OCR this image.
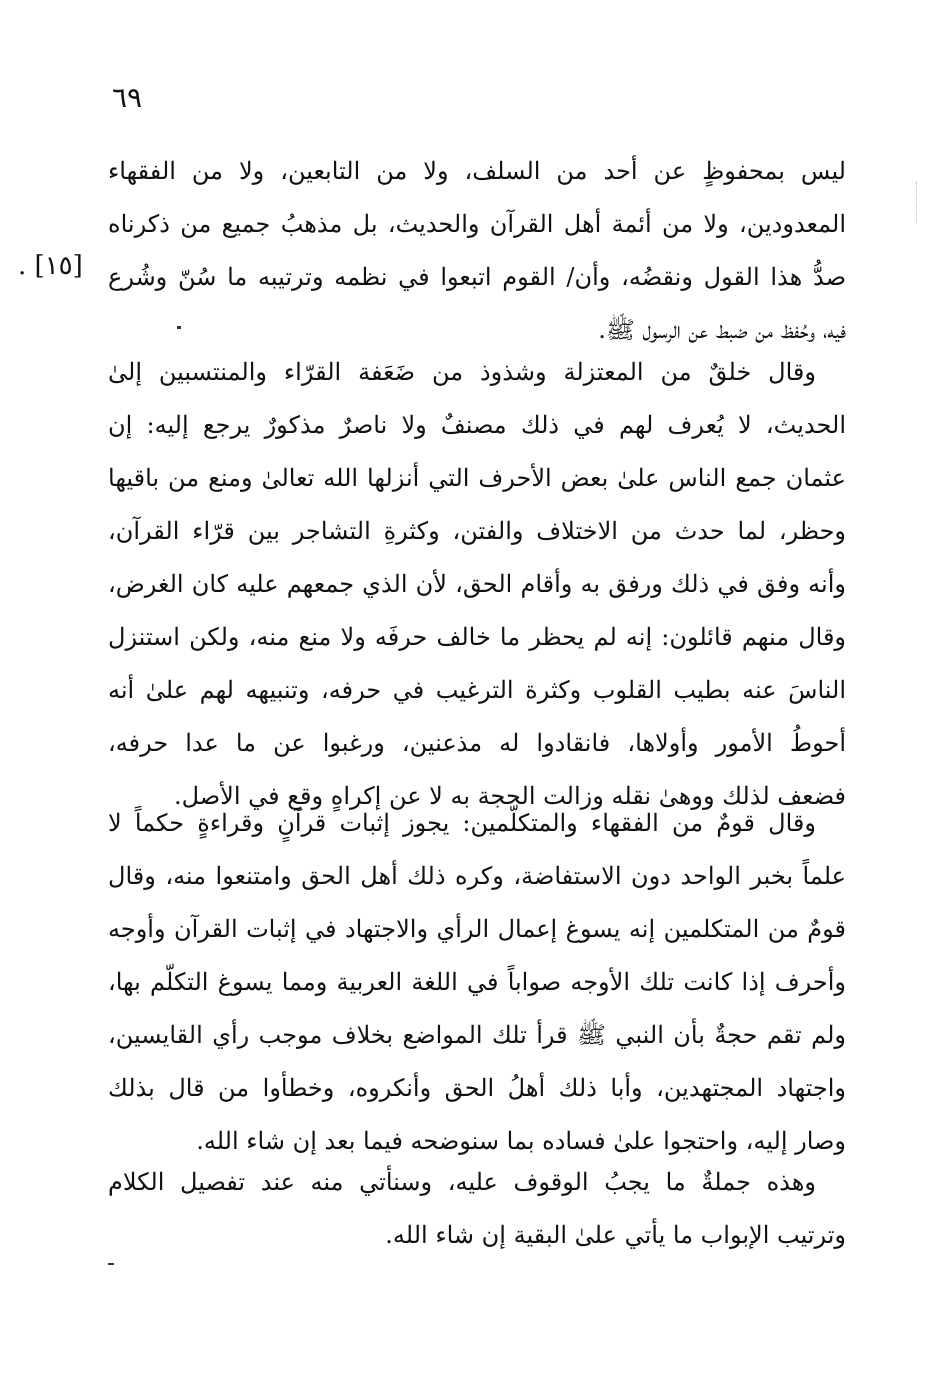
٦٩
[١٥] .
ليس بمحفوظٍ عن أحد من السلف، ولا من التابعين، ولا من الفقهاء
المعدودين، ولا من أئمة أهل القرآن والحديث، بل مذهبُ جميع من ذكرناه
صدُّ هذا القول ونقضُه، وأن/ القوم اتبعوا في نظمه وترتيبه ما سُنّ وشُرع
فيه، وحُفظ من ضبط عن الرسول ﷺ.
وقال خلقٌ من المعتزلة وشذوذ من ضَعَفة القرّاء والمنتسبين إلىٰ
الحديث، لا يُعرف لهم في ذلك مصنفٌ ولا ناصرٌ مذكورٌ يرجع إليه: إن
عثمان جمع الناس علىٰ بعض الأحرف التي أنزلها الله تعالىٰ ومنع من باقيها
وحظر، لما حدث من الاختلاف والفتن، وكثرةِ التشاجر بين قرّاء القرآن،
وأنه وفق في ذلك ورفق به وأقام الحق، لأن الذي جمعهم عليه كان الغرض،
وقال منهم قائلون: إنه لم يحظر ما خالف حرفَه ولا منع منه، ولكن استنزل
الناسَ عنه بطيب القلوب وكثرة الترغيب في حرفه، وتنبيهه لهم علىٰ أنه
أحوطُ الأمور وأولاها، فانقادوا له مذعنين، ورغبوا عن ما عدا حرفه،
فضعف لذلك ووهىٰ نقله وزالت الحجة به لا عن إكراهٍ وقع في الأصل.
وقال قومٌ من الفقهاء والمتكلّمين: يجوز إثبات قرآنٍ وقراءةٍ حكماً لا
علماً بخبر الواحد دون الاستفاضة، وكره ذلك أهل الحق وامتنعوا منه، وقال
قومٌ من المتكلمين إنه يسوغ إعمال الرأي والاجتهاد في إثبات القرآن وأوجه
وأحرف إذا كانت تلك الأوجه صواباً في اللغة العربية ومما يسوغ التكلّم بها،
ولم تقم حجةٌ بأن النبي ﷺ قرأ تلك المواضع بخلاف موجب رأي القايسين،
واجتهاد المجتهدين، وأبا ذلك أهلُ الحق وأنكروه، وخطأوا من قال بذلك
وصار إليه، واحتجوا علىٰ فساده بما سنوضحه فيما بعد إن شاء الله.
وهذه جملةٌ ما يجبُ الوقوف عليه، وسنأتي منه عند تفصيل الكلام
وترتيب الإبواب ما يأتي علىٰ البقية إن شاء الله.
